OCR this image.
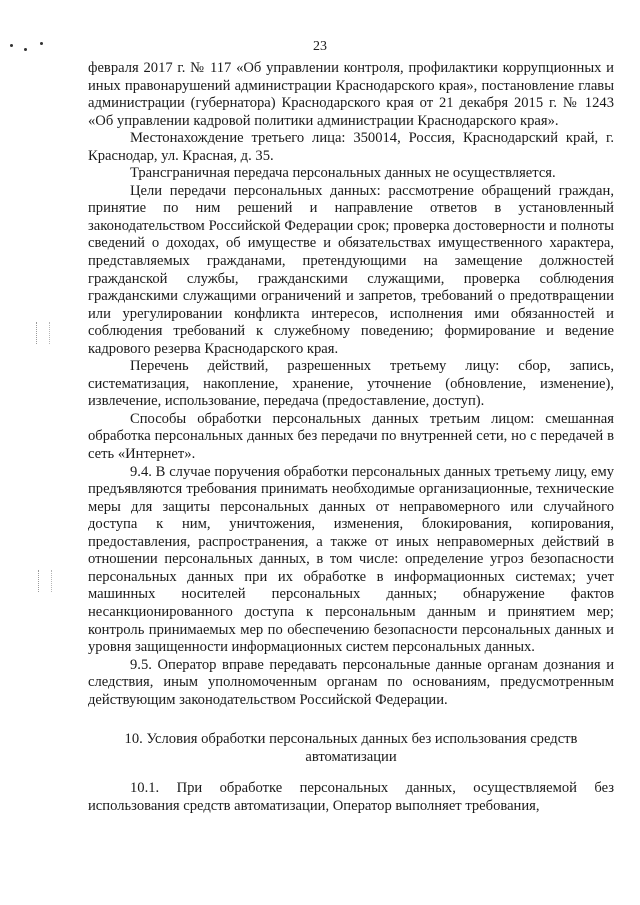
23

февраля 2017 г. № 117 «Об управлении контроля, профилактики коррупционных и иных правонарушений администрации Краснодарского края», постановление главы администрации (губернатора) Краснодарского края от 21 декабря 2015 г. № 1243 «Об управлении кадровой политики администрации Краснодарского края».

Местонахождение третьего лица: 350014, Россия, Краснодарский край, г. Краснодар, ул. Красная, д. 35.

Трансграничная передача персональных данных не осуществляется.

Цели передачи персональных данных: рассмотрение обращений граждан, принятие по ним решений и направление ответов в установленный законодательством Российской Федерации срок; проверка достоверности и полноты сведений о доходах, об имуществе и обязательствах имущественного характера, представляемых гражданами, претендующими на замещение должностей гражданской службы, гражданскими служащими, проверка соблюдения гражданскими служащими ограничений и запретов, требований о предотвращении или урегулировании конфликта интересов, исполнения ими обязанностей и соблюдения требований к служебному поведению; формирование и ведение кадрового резерва Краснодарского края.

Перечень действий, разрешенных третьему лицу: сбор, запись, систематизация, накопление, хранение, уточнение (обновление, изменение), извлечение, использование, передача (предоставление, доступ).

Способы обработки персональных данных третьим лицом: смешанная обработка персональных данных без передачи по внутренней сети, но с передачей в сеть «Интернет».

9.4. В случае поручения обработки персональных данных третьему лицу, ему предъявляются требования принимать необходимые организационные, технические меры для защиты персональных данных от неправомерного или случайного доступа к ним, уничтожения, изменения, блокирования, копирования, предоставления, распространения, а также от иных неправомерных действий в отношении персональных данных, в том числе: определение угроз безопасности персональных данных при их обработке в информационных системах; учет машинных носителей персональных данных; обнаружение фактов несанкционированного доступа к персональным данным и принятием мер; контроль принимаемых мер по обеспечению безопасности персональных данных и уровня защищенности информационных систем персональных данных.

9.5. Оператор вправе передавать персональные данные органам дознания и следствия, иным уполномоченным органам по основаниям, предусмотренным действующим законодательством Российской Федерации.

10. Условия обработки персональных данных без использования средств автоматизации

10.1. При обработке персональных данных, осуществляемой без использования средств автоматизации, Оператор выполняет требования,
